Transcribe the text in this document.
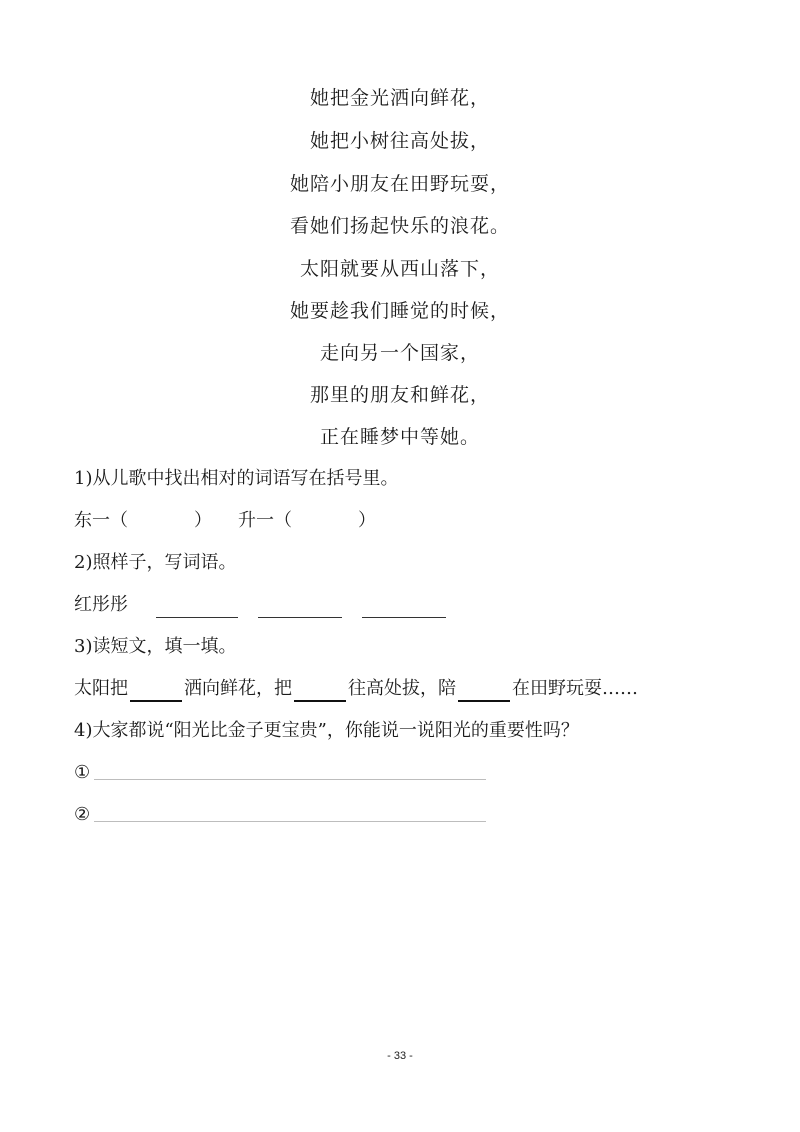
她把金光洒向鲜花，
她把小树往高处拔，
她陪小朋友在田野玩耍，
看她们扬起快乐的浪花。
太阳就要从西山落下，
她要趁我们睡觉的时候，
走向另一个国家，
那里的朋友和鲜花，
正在睡梦中等她。
1)从儿歌中找出相对的词语写在括号里。
东一（	） 升一（	）
2)照样子，写词语。
红彤彤
3)读短文，填一填。
太阳把	洒向鲜花，把	往高处拔，陪	在田野玩耍……
4)大家都说“阳光比金子更宝贵”，你能说一说阳光的重要性吗？
①
②
- 33 -
